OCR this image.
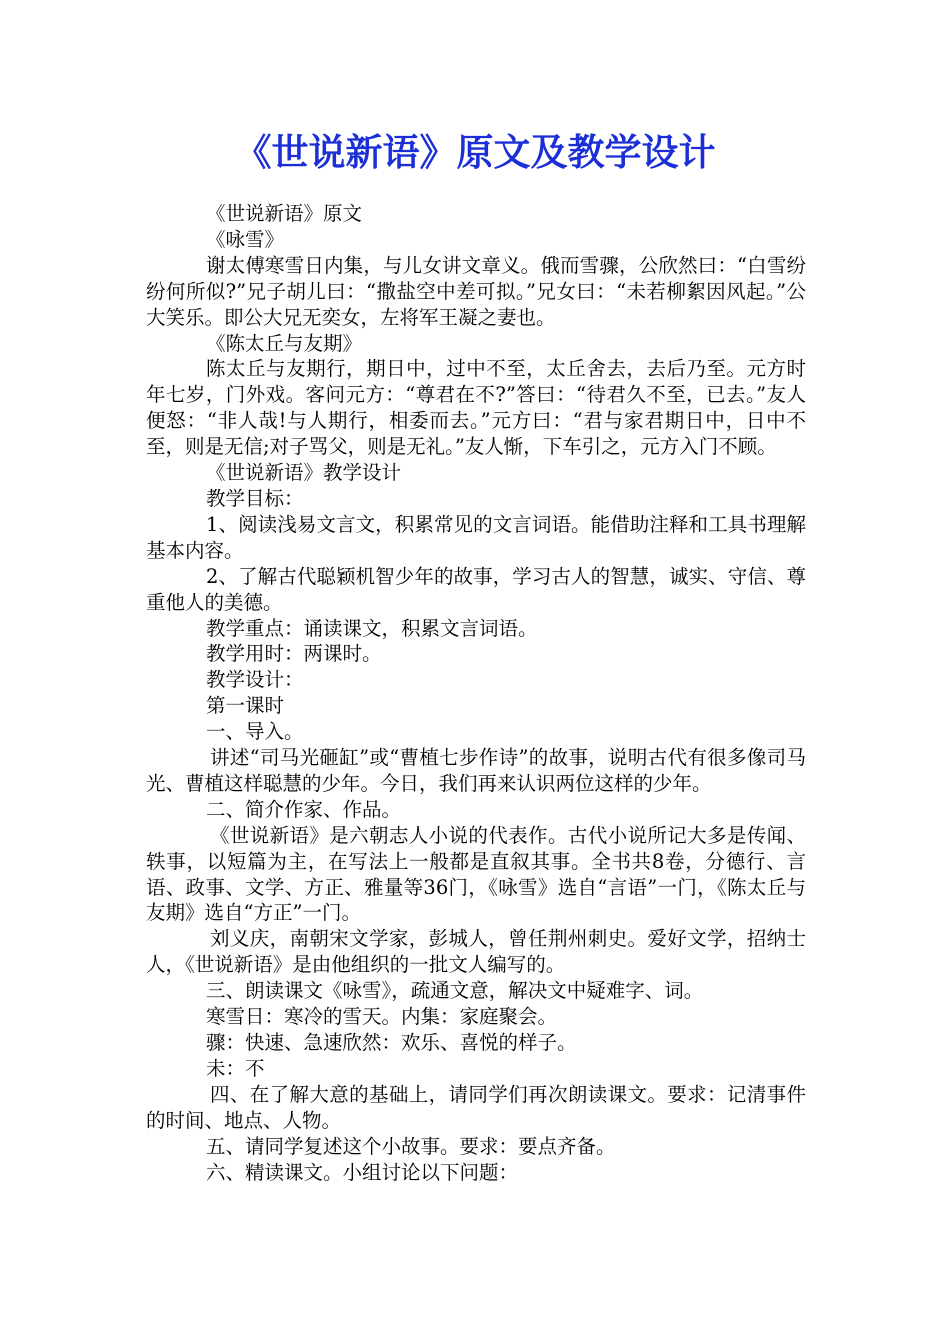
《世说新语》原文及教学设计

《世说新语》原文

《咏雪》

谢太傅寒雪日内集，与儿女讲文章义。俄而雪骤，公欣然曰：“白雪纷纷何所似?”兄子胡儿曰：“撒盐空中差可拟。”兄女曰：“未若柳絮因风起。”公大笑乐。即公大兄无奕女，左将军王凝之妻也。

《陈太丘与友期》

陈太丘与友期行，期日中，过中不至，太丘舍去，去后乃至。元方时年七岁，门外戏。客问元方：“尊君在不?”答曰：“待君久不至，已去。”友人便怒：“非人哉!与人期行，相委而去。”元方曰：“君与家君期日中，日中不至，则是无信;对子骂父，则是无礼。”友人惭，下车引之，元方入门不顾。

《世说新语》教学设计

教学目标：

1、阅读浅易文言文，积累常见的文言词语。能借助注释和工具书理解基本内容。

2、了解古代聪颖机智少年的故事，学习古人的智慧，诚实、守信、尊重他人的美德。

教学重点：诵读课文，积累文言词语。

教学用时：两课时。

教学设计：

第一课时

一、导入。

讲述“司马光砸缸”或“曹植七步作诗”的故事，说明古代有很多像司马光、曹植这样聪慧的少年。今日，我们再来认识两位这样的少年。

二、简介作家、作品。

《世说新语》是六朝志人小说的代表作。古代小说所记大多是传闻、轶事，以短篇为主，在写法上一般都是直叙其事。全书共8卷，分德行、言语、政事、文学、方正、雅量等36门，《咏雪》选自“言语”一门，《陈太丘与友期》选自“方正”一门。

刘义庆，南朝宋文学家，彭城人，曾任荆州刺史。爱好文学，招纳士人，《世说新语》是由他组织的一批文人编写的。

三、朗读课文《咏雪》，疏通文意，解决文中疑难字、词。

寒雪日：寒冷的雪天。内集：家庭聚会。

骤：快速、急速欣然：欢乐、喜悦的样子。

未：不

四、在了解大意的基础上，请同学们再次朗读课文。要求：记清事件的时间、地点、人物。

五、请同学复述这个小故事。要求：要点齐备。

六、精读课文。小组讨论以下问题：
